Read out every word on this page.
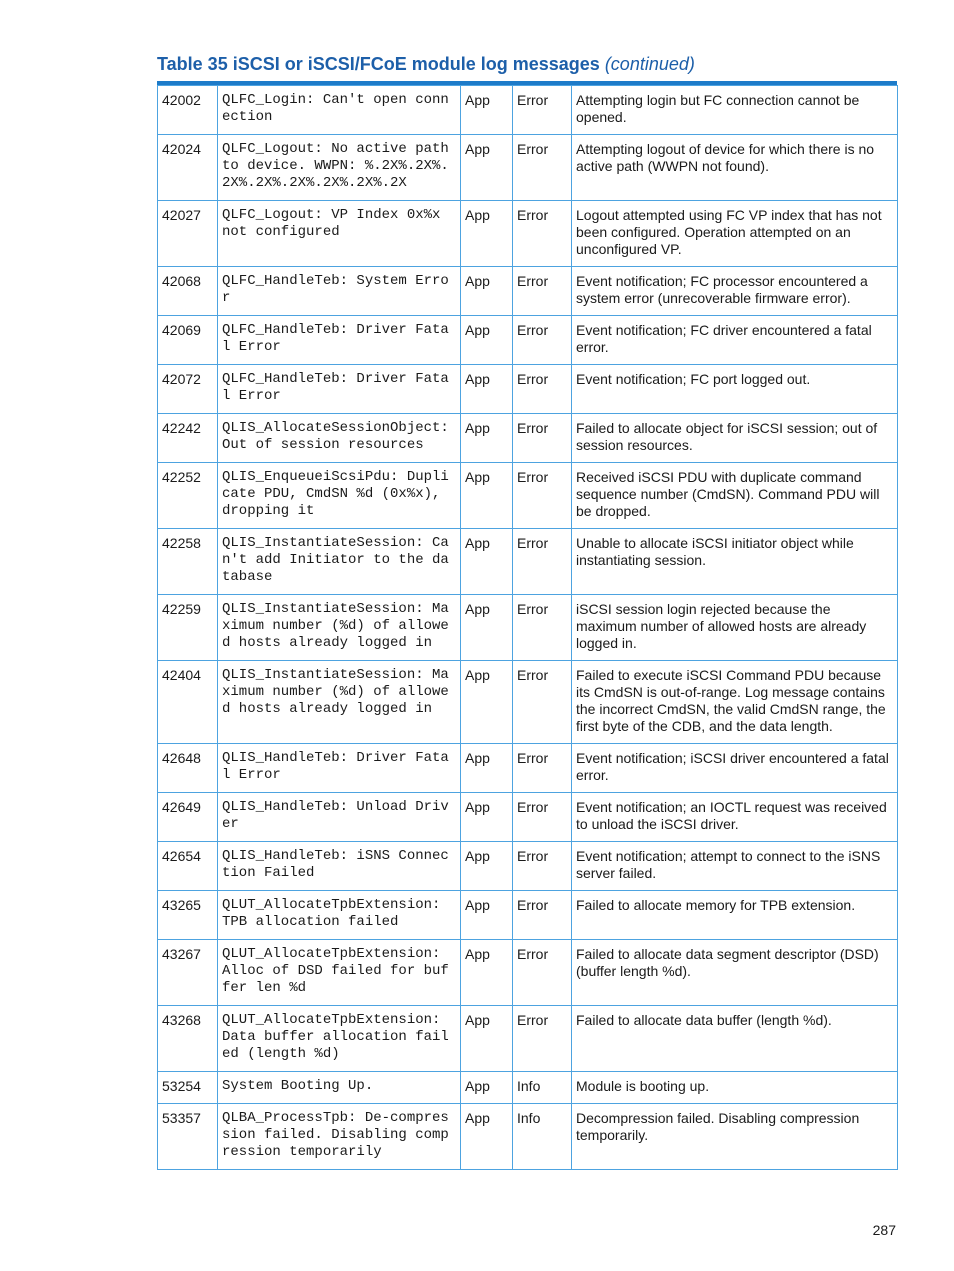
Table 35 iSCSI or iSCSI/FCoE module log messages (continued)
42002	QLFC_Login: Can't open connection	App	Error	Attempting login but FC connection cannot be opened.
42024	QLFC_Logout: No active path to device. WWPN: %.2X%.2X%.2X%.2X%.2X%.2X%.2X%.2X	App	Error	Attempting logout of device for which there is no active path (WWPN not found).
42027	QLFC_Logout: VP Index 0x%x not configured	App	Error	Logout attempted using FC VP index that has not been configured. Operation attempted on an unconfigured VP.
42068	QLFC_HandleTeb: System Error	App	Error	Event notification; FC processor encountered a system error (unrecoverable firmware error).
42069	QLFC_HandleTeb: Driver Fatal Error	App	Error	Event notification; FC driver encountered a fatal error.
42072	QLFC_HandleTeb: Driver Fatal Error	App	Error	Event notification; FC port logged out.
42242	QLIS_AllocateSessionObject: Out of session resources	App	Error	Failed to allocate object for iSCSI session; out of session resources.
42252	QLIS_EnqueueiScsiPdu: Duplicate PDU, CmdSN %d (0x%x), dropping it	App	Error	Received iSCSI PDU with duplicate command sequence number (CmdSN). Command PDU will be dropped.
42258	QLIS_InstantiateSession: Can't add Initiator to the database	App	Error	Unable to allocate iSCSI initiator object while instantiating session.
42259	QLIS_InstantiateSession: Maximum number (%d) of allowed hosts already logged in	App	Error	iSCSI session login rejected because the maximum number of allowed hosts are already logged in.
42404	QLIS_InstantiateSession: Maximum number (%d) of allowed hosts already logged in	App	Error	Failed to execute iSCSI Command PDU because its CmdSN is out-of-range. Log message contains the incorrect CmdSN, the valid CmdSN range, the first byte of the CDB, and the data length.
42648	QLIS_HandleTeb: Driver Fatal Error	App	Error	Event notification; iSCSI driver encountered a fatal error.
42649	QLIS_HandleTeb: Unload Driver	App	Error	Event notification; an IOCTL request was received to unload the iSCSI driver.
42654	QLIS_HandleTeb: iSNS Connection Failed	App	Error	Event notification; attempt to connect to the iSNS server failed.
43265	QLUT_AllocateTpbExtension: TPB allocation failed	App	Error	Failed to allocate memory for TPB extension.
43267	QLUT_AllocateTpbExtension: Alloc of DSD failed for buffer len %d	App	Error	Failed to allocate data segment descriptor (DSD) (buffer length %d).
43268	QLUT_AllocateTpbExtension: Data buffer allocation failed (length %d)	App	Error	Failed to allocate data buffer (length %d).
53254	System Booting Up.	App	Info	Module is booting up.
53357	QLBA_ProcessTpb: De-compression failed. Disabling compression temporarily	App	Info	Decompression failed. Disabling compression temporarily.
287
